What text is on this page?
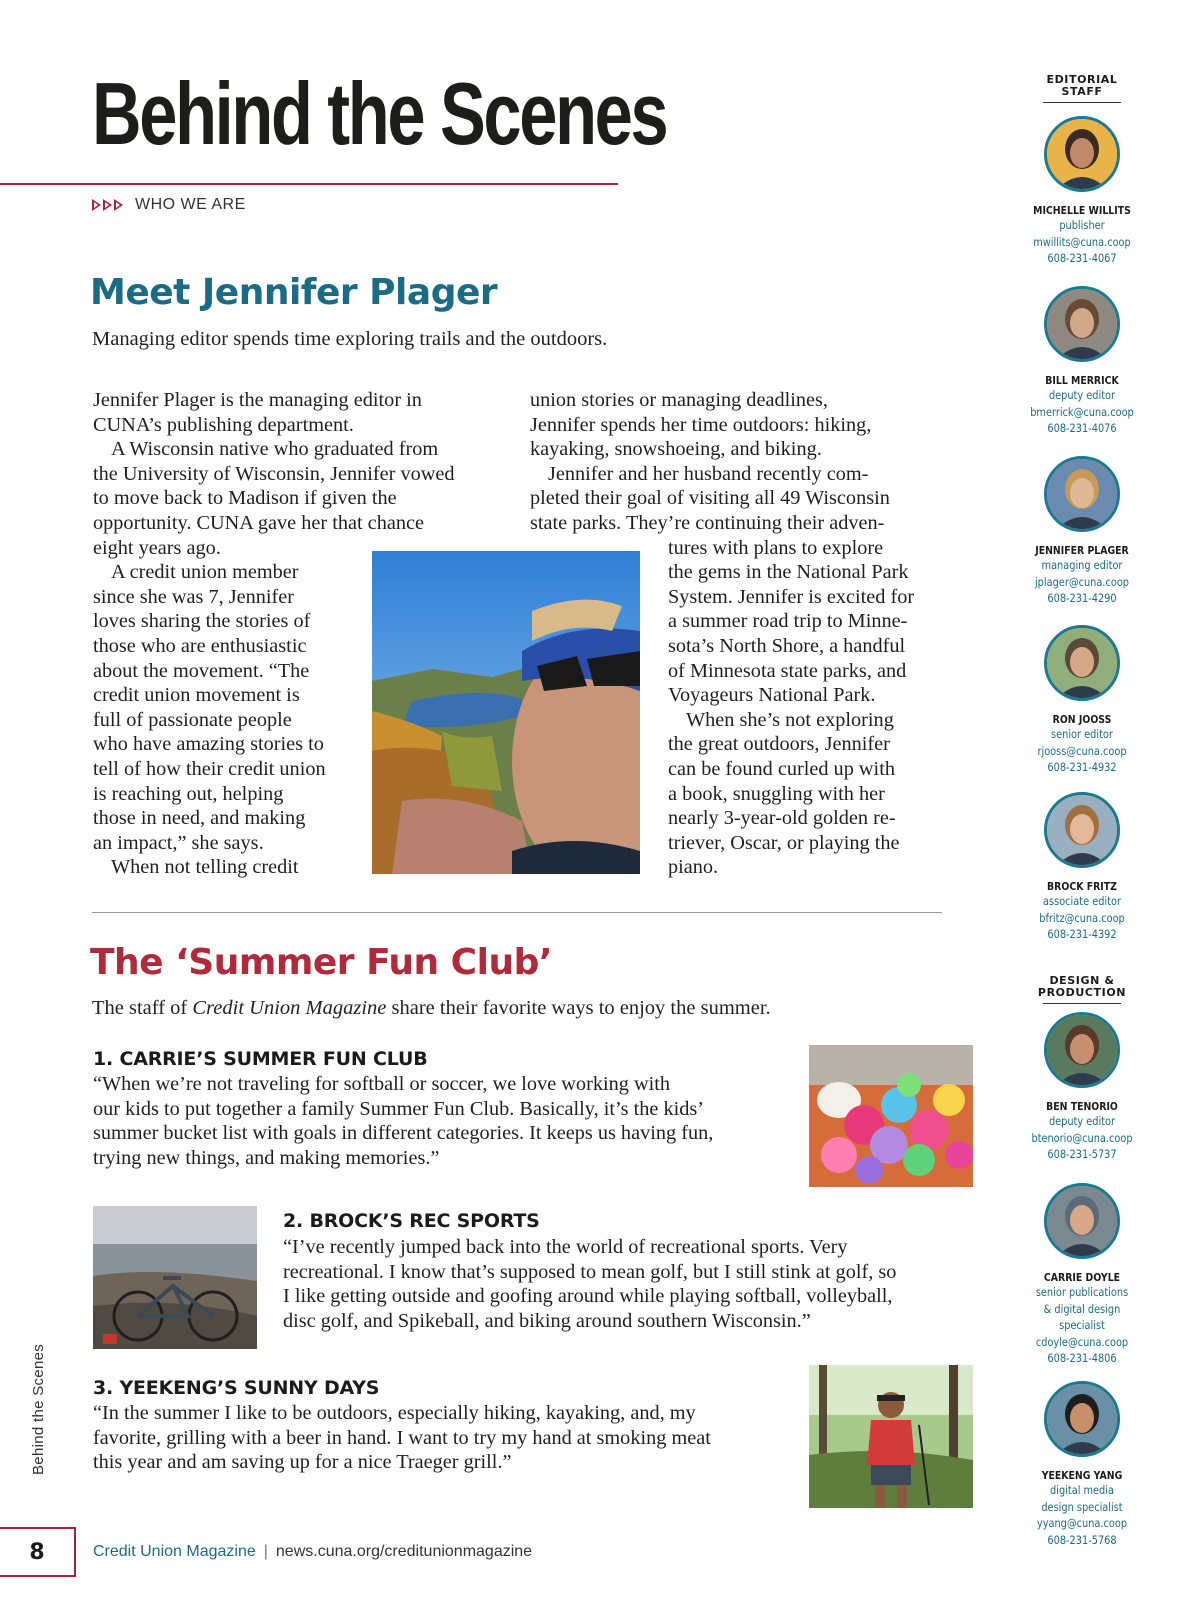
Behind the Scenes
WHO WE ARE
Meet Jennifer Plager
Managing editor spends time exploring trails and the outdoors.
Jennifer Plager is the managing editor in
CUNA’s publishing department.
A Wisconsin native who graduated from
the University of Wisconsin, Jennifer vowed
to move back to Madison if given the
opportunity. CUNA gave her that chance
eight years ago.
A credit union member
since she was 7, Jennifer
loves sharing the stories of
those who are enthusiastic
about the movement. “The
credit union movement is
full of passionate people
who have amazing stories to
tell of how their credit union
is reaching out, helping
those in need, and making
an impact,” she says.
When not telling credit
union stories or managing deadlines,
Jennifer spends her time outdoors: hiking,
kayaking, snowshoeing, and biking.
Jennifer and her husband recently com-
pleted their goal of visiting all 49 Wisconsin
state parks. They’re continuing their adven-
tures with plans to explore
the gems in the National Park
System. Jennifer is excited for
a summer road trip to Minne-
sota’s North Shore, a handful
of Minnesota state parks, and
Voyageurs National Park.
When she’s not exploring
the great outdoors, Jennifer
can be found curled up with
a book, snuggling with her
nearly 3-year-old golden re-
triever, Oscar, or playing the
piano.
The ‘Summer Fun Club’
The staff of Credit Union Magazine share their favorite ways to enjoy the summer.
1. CARRIE’S SUMMER FUN CLUB
“When we’re not traveling for softball or soccer, we love working with
our kids to put together a family Summer Fun Club. Basically, it’s the kids’
summer bucket list with goals in different categories. It keeps us having fun,
trying new things, and making memories.”
2. BROCK’S REC SPORTS
“I’ve recently jumped back into the world of recreational sports. Very
recreational. I know that’s supposed to mean golf, but I still stink at golf, so
I like getting outside and goofing around while playing softball, volleyball,
disc golf, and Spikeball, and biking around southern Wisconsin.”
3. YEEKENG’S SUNNY DAYS
“In the summer I like to be outdoors, especially hiking, kayaking, and, my
favorite, grilling with a beer in hand. I want to try my hand at smoking meat
this year and am saving up for a nice Traeger grill.”
EDITORIAL
STAFF
DESIGN &
PRODUCTION
MICHELLE WILLITS
publisher
mwillits@cuna.coop
608-231-4067
BILL MERRICK
deputy editor
bmerrick@cuna.coop
608-231-4076
JENNIFER PLAGER
managing editor
jplager@cuna.coop
608-231-4290
RON JOOSS
senior editor
rjooss@cuna.coop
608-231-4932
BROCK FRITZ
associate editor
bfritz@cuna.coop
608-231-4392
BEN TENORIO
deputy editor
btenorio@cuna.coop
608-231-5737
CARRIE DOYLE
senior publications
& digital design
specialist
cdoyle@cuna.coop
608-231-4806
YEEKENG YANG
digital media
design specialist
yyang@cuna.coop
608-231-5768
Behind the Scenes
8	Credit Union Magazine | news.cuna.org/creditunionmagazine
